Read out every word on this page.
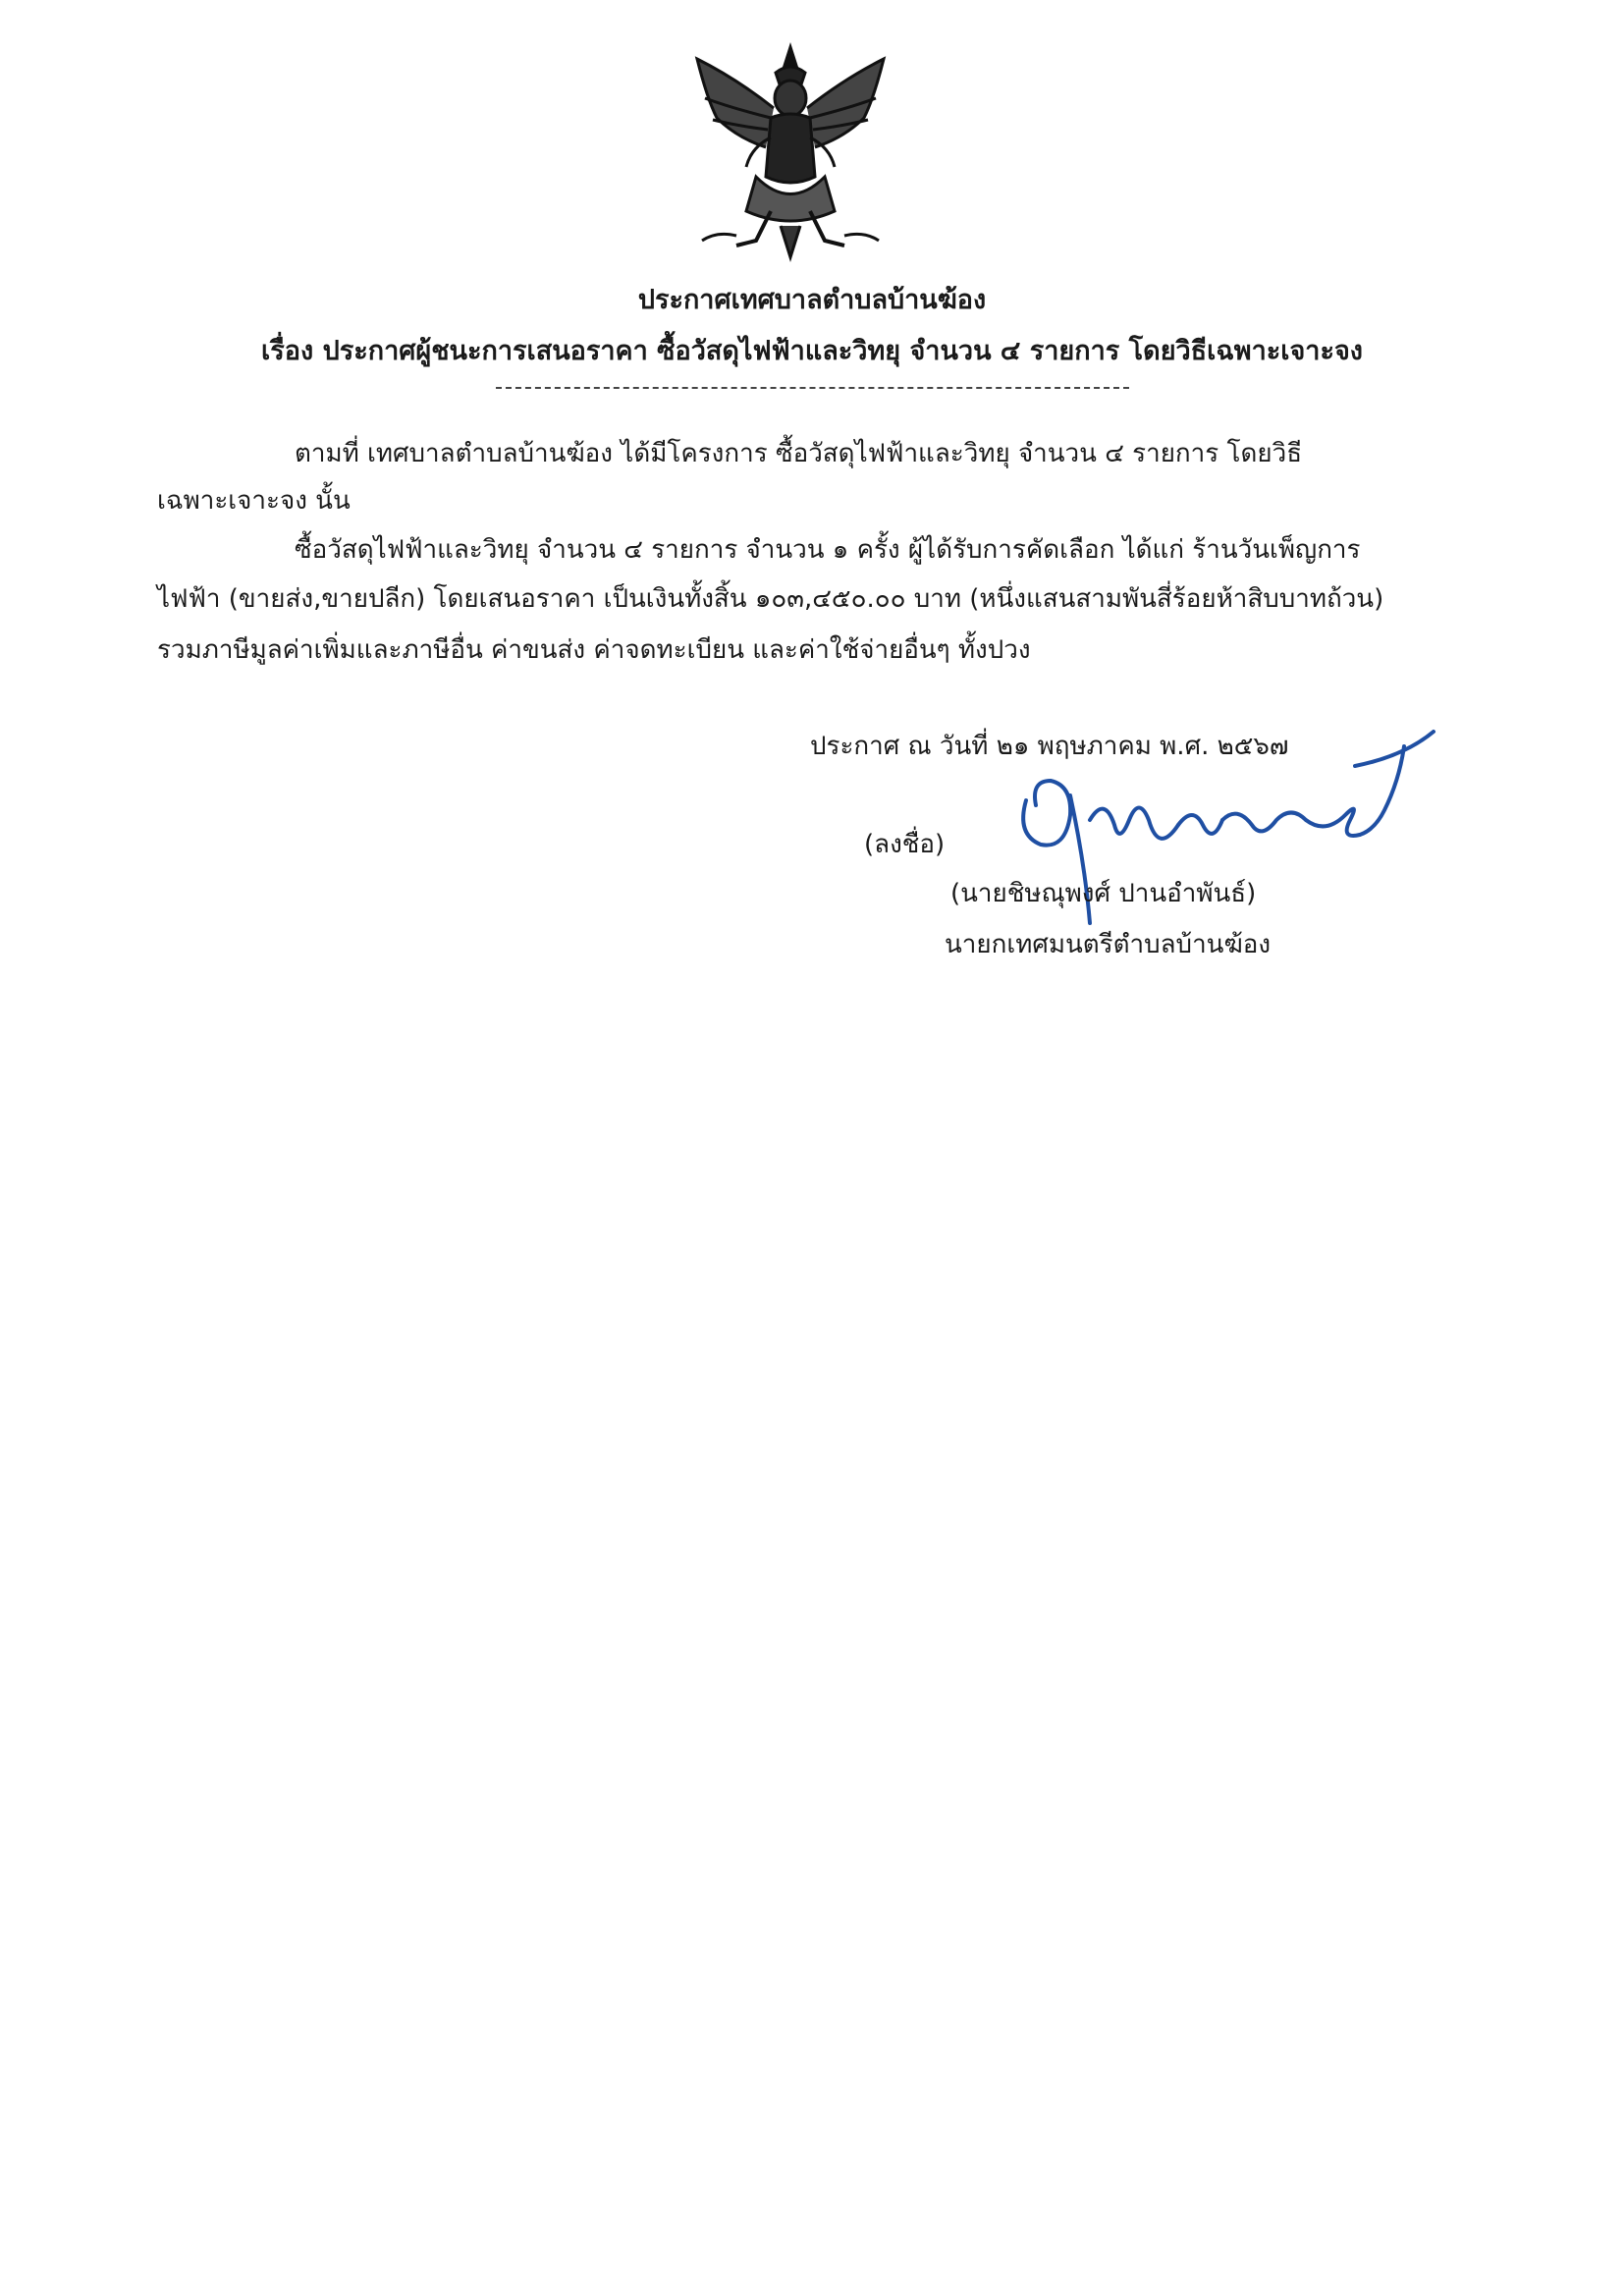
ประกาศเทศบาลตำบลบ้านฆ้อง
เรื่อง ประกาศผู้ชนะการเสนอราคา ซื้อวัสดุไฟฟ้าและวิทยุ จำนวน ๔ รายการ โดยวิธีเฉพาะเจาะจง
ตามที่ เทศบาลตำบลบ้านฆ้อง ได้มีโครงการ ซื้อวัสดุไฟฟ้าและวิทยุ จำนวน ๔ รายการ โดยวิธี
เฉพาะเจาะจง นั้น
ซื้อวัสดุไฟฟ้าและวิทยุ จำนวน ๔ รายการ จำนวน ๑ ครั้ง ผู้ได้รับการคัดเลือก ได้แก่ ร้านวันเพ็ญการ
ไฟฟ้า (ขายส่ง,ขายปลีก) โดยเสนอราคา เป็นเงินทั้งสิ้น ๑๐๓,๔๕๐.๐๐ บาท (หนึ่งแสนสามพันสี่ร้อยห้าสิบบาทถ้วน)
รวมภาษีมูลค่าเพิ่มและภาษีอื่น ค่าขนส่ง ค่าจดทะเบียน และค่าใช้จ่ายอื่นๆ ทั้งปวง
ประกาศ ณ วันที่ ๒๑ พฤษภาคม พ.ศ. ๒๕๖๗
(ลงชื่อ)
(นายชิษณุพงศ์ ปานอำพันธ์)
นายกเทศมนตรีตำบลบ้านฆ้อง
